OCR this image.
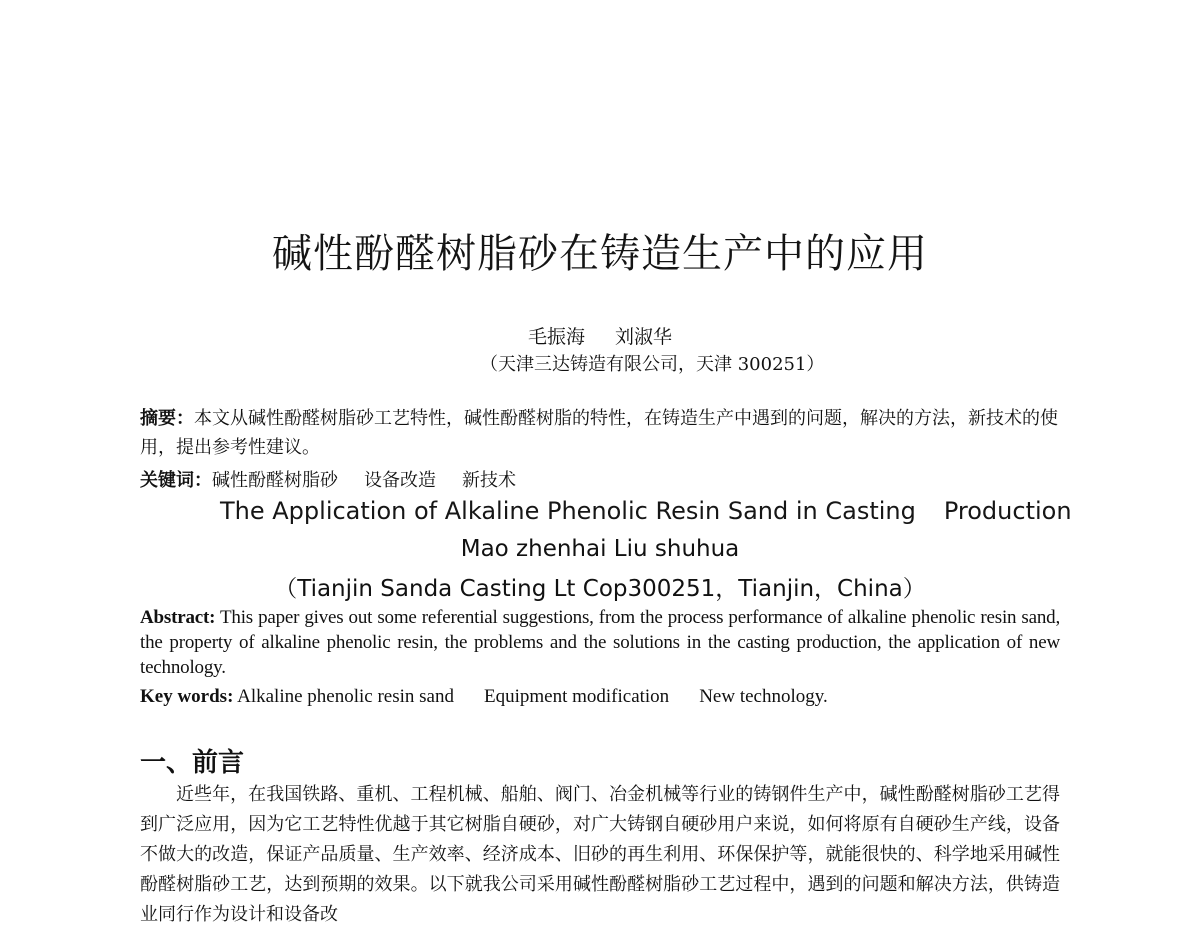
碱性酚醛树脂砂在铸造生产中的应用
毛振海 刘淑华
（天津三达铸造有限公司，天津 300251）
摘要：本文从碱性酚醛树脂砂工艺特性，碱性酚醛树脂的特性，在铸造生产中遇到的问题，解决的方法，新技术的使用，提出参考性建议。
关键词：碱性酚醛树脂砂 设备改造 新技术
The Application of Alkaline Phenolic Resin Sand in Casting Production
Mao zhenhai Liu shuhua
（Tianjin Sanda Casting Lt Cop300251，Tianjin，China）
Abstract: This paper gives out some referential suggestions, from the process performance of alkaline phenolic resin sand, the property of alkaline phenolic resin, the problems and the solutions in the casting production, the application of new technology.
Key words: Alkaline phenolic resin sand Equipment modification New technology.
一、前言
近些年，在我国铁路、重机、工程机械、船舶、阀门、冶金机械等行业的铸钢件生产中，碱性酚醛树脂砂工艺得到广泛应用，因为它工艺特性优越于其它树脂自硬砂，对广大铸钢自硬砂用户来说，如何将原有自硬砂生产线，设备不做大的改造，保证产品质量、生产效率、经济成本、旧砂的再生利用、环保保护等，就能很快的、科学地采用碱性酚醛树脂砂工艺，达到预期的效果。以下就我公司采用碱性酚醛树脂砂工艺过程中，遇到的问题和解决方法，供铸造业同行作为设计和设备改
